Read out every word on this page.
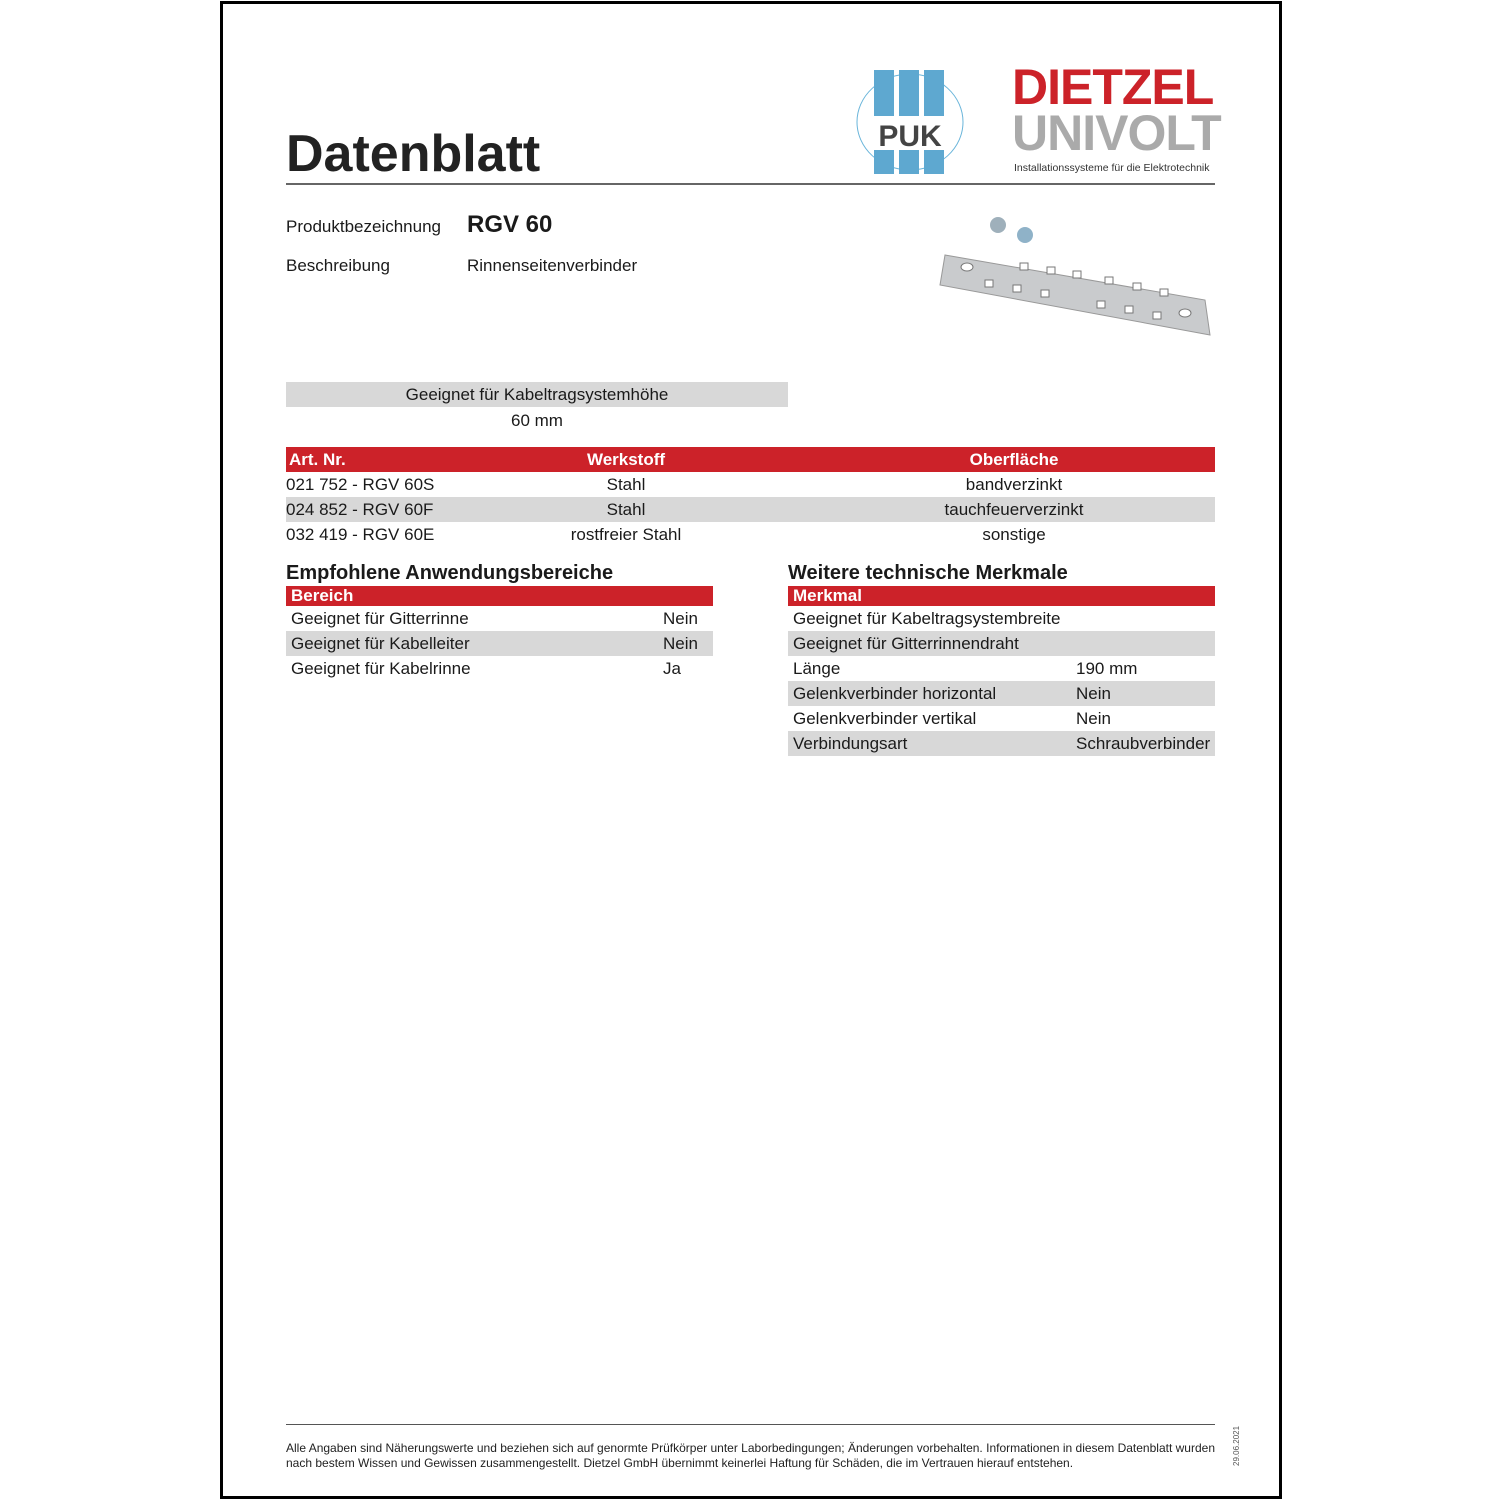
Datenblatt	PUK
DIETZEL
UNIVOLT
Installationssysteme für die Elektrotechnik
Produktbezeichnung RGV 60
Beschreibung	Rinnenseitenverbinder
Geeignet für Kabeltragsystemhöhe
60 mm
Art. Nr.	Werkstoff	Oberfläche
021 752 - RGV 60S	Stahl	bandverzinkt
024 852 - RGV 60F	Stahl	tauchfeuerverzinkt
032 419 - RGV 60E	rostfreier Stahl	sonstige
Empfohlene Anwendungsbereiche
Bereich
Geeignet für Gitterrinne	Nein
Geeignet für Kabelleiter	Nein
Geeignet für Kabelrinne	Ja
Weitere technische Merkmale
Merkmal
Geeignet für Kabeltragsystembreite
Geeignet für Gitterrinnendraht
Länge	190 mm
Gelenkverbinder horizontal	Nein
Gelenkverbinder vertikal	Nein
Verbindungsart	Schraubverbinder
Alle Angaben sind Näherungswerte und beziehen sich auf genormte Prüfkörper unter Laborbedingungen; Änderungen vorbehalten. Informationen in diesem Datenblatt wurden nach bestem Wissen und Gewissen zusammengestellt. Dietzel GmbH übernimmt keinerlei Haftung für Schäden, die im Vertrauen hierauf entstehen.	29.06.2021
